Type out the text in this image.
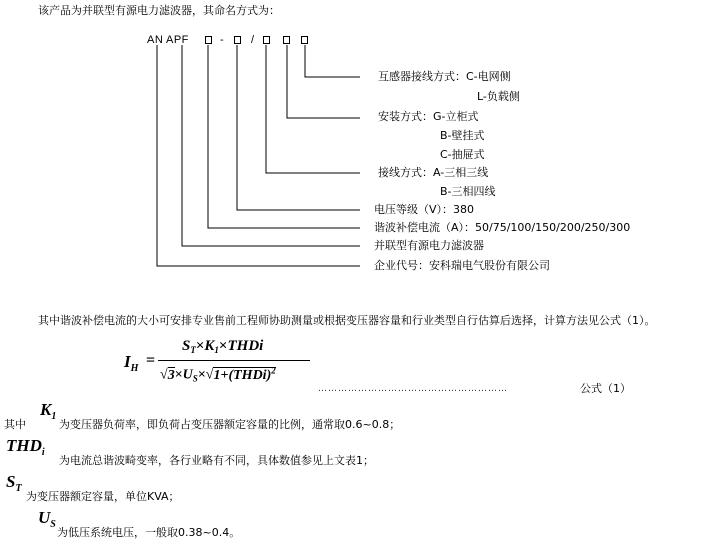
该产品为并联型有源电力滤波器，其命名方式为：
AN APF	- /
互感器接线方式：C-电网侧
L-负载侧
安装方式：G-立柜式
B-壁挂式
C-抽屉式
接线方式：A-三相三线
B-三相四线
电压等级（V）：380
谐波补偿电流（A）：50/75/100/150/200/250/300
并联型有源电力滤波器
企业代号：安科瑞电气股份有限公司
其中谐波补偿电流的大小可安排专业售前工程师协助测量或根据变压器容量和行业类型自行估算后选择，计算方法见公式（1）。
$I_H$ =
$S_T\times K_1\times THDi$
$√3\times U_S\times√1+(THDi)^2$
…………………………………………………	公式（1）
其中
$K_1$
为变压器负荷率，即负荷占变压器额定容量的比例，通常取0.6~0.8；
$THD_i$
为电流总谐波畸变率，各行业略有不同，具体数值参见上文表1；
$S_T$
为变压器额定容量，单位KVA；
$U_S$
为低压系统电压，一般取0.38~0.4。
